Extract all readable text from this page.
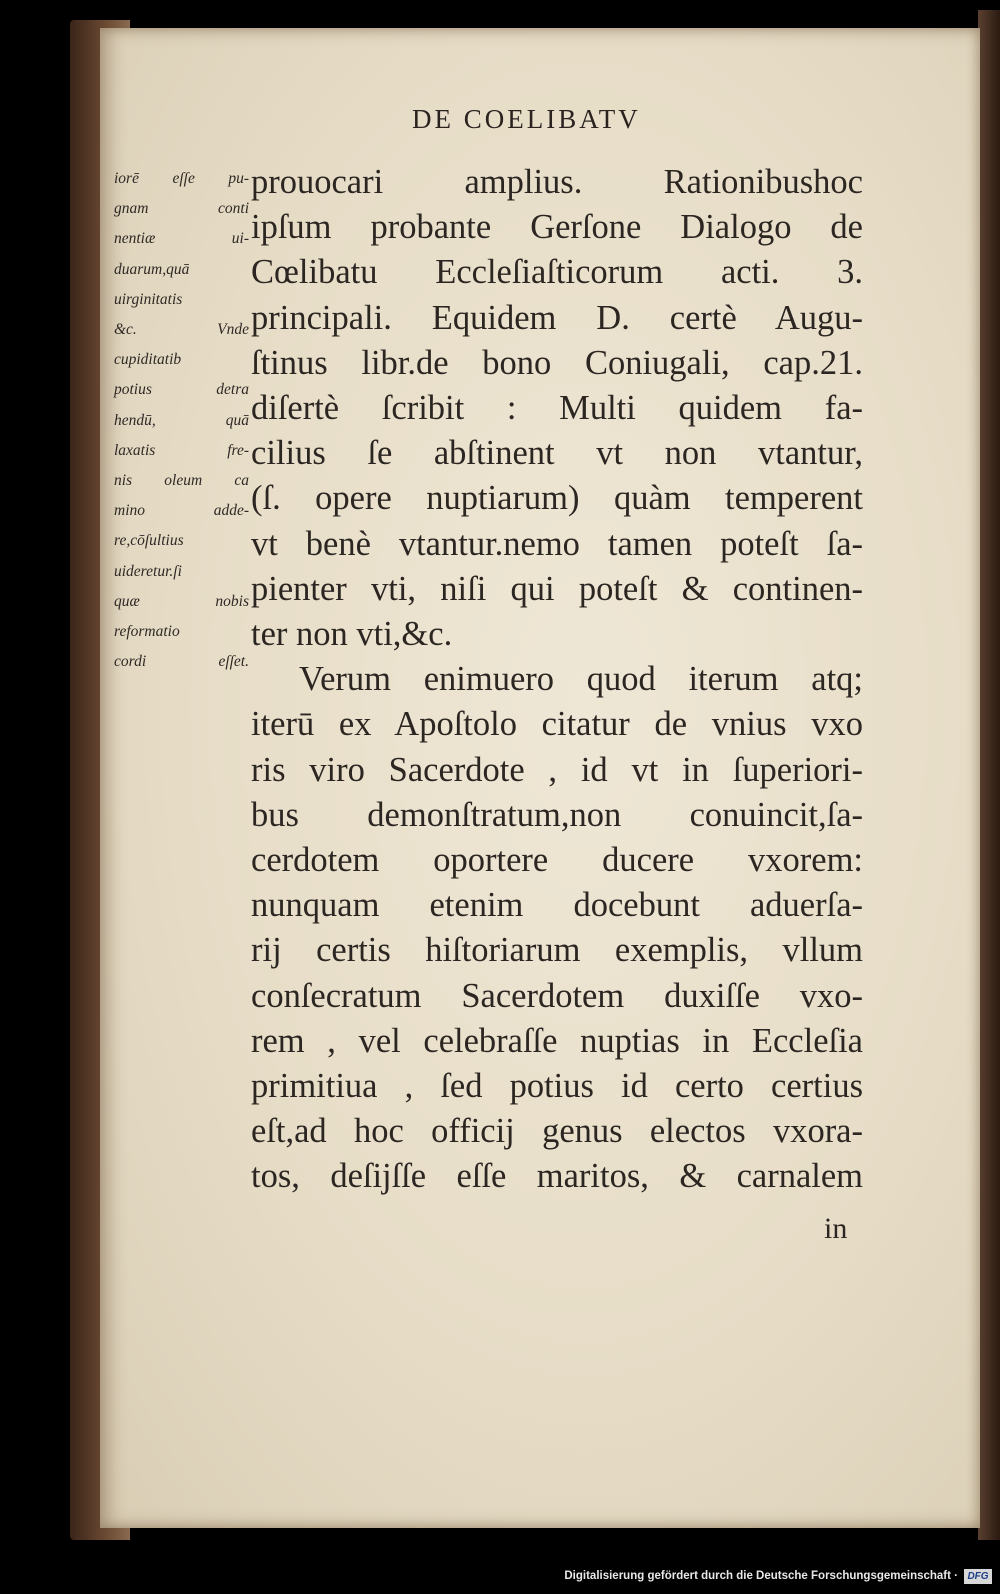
DE COELIBATV
iorē eſſe pu-
gnam conti
nentiæ ui-
duarum,quā
uirginitatis
&c. Vnde
cupiditatib
potius detra
hendū, quā
laxatis fre-
nis oleum ca
mino adde-
re,cōſultius
uideretur.ſi
quæ nobis
reformatio
cordi eſſet.
prouocari amplius. Rationibushoc
ipſum probante Gerſone Dialogo de
Cœlibatu Eccleſiaſticorum acti. 3.
principali. Equidem D. certè Augu-
ſtinus libr.de bono Coniugali, cap.21.
diſertè ſcribit : Multi quidem fa-
cilius ſe abſtinent vt non vtantur,
(ſ. opere nuptiarum) quàm temperent
vt benè vtantur.nemo tamen poteſt ſa-
pienter vti, niſi qui poteſt & continen-
ter non vti,&c.
Verum enimuero quod iterum atq;
iterū ex Apoſtolo citatur de vnius vxo
ris viro Sacerdote , id vt in ſuperiori-
bus demonſtratum,non conuincit,ſa-
cerdotem oportere ducere vxorem:
nunquam etenim docebunt aduerſa-
rij certis hiſtoriarum exemplis, vllum
conſecratum Sacerdotem duxiſſe vxo-
rem , vel celebraſſe nuptias in Eccleſia
primitiua , ſed potius id certo certius
eſt,ad hoc officij genus electos vxora-
tos, deſijſſe eſſe maritos, & carnalem
in
Digitalisierung gefördert durch die Deutsche Forschungsgemeinschaft · DFG
